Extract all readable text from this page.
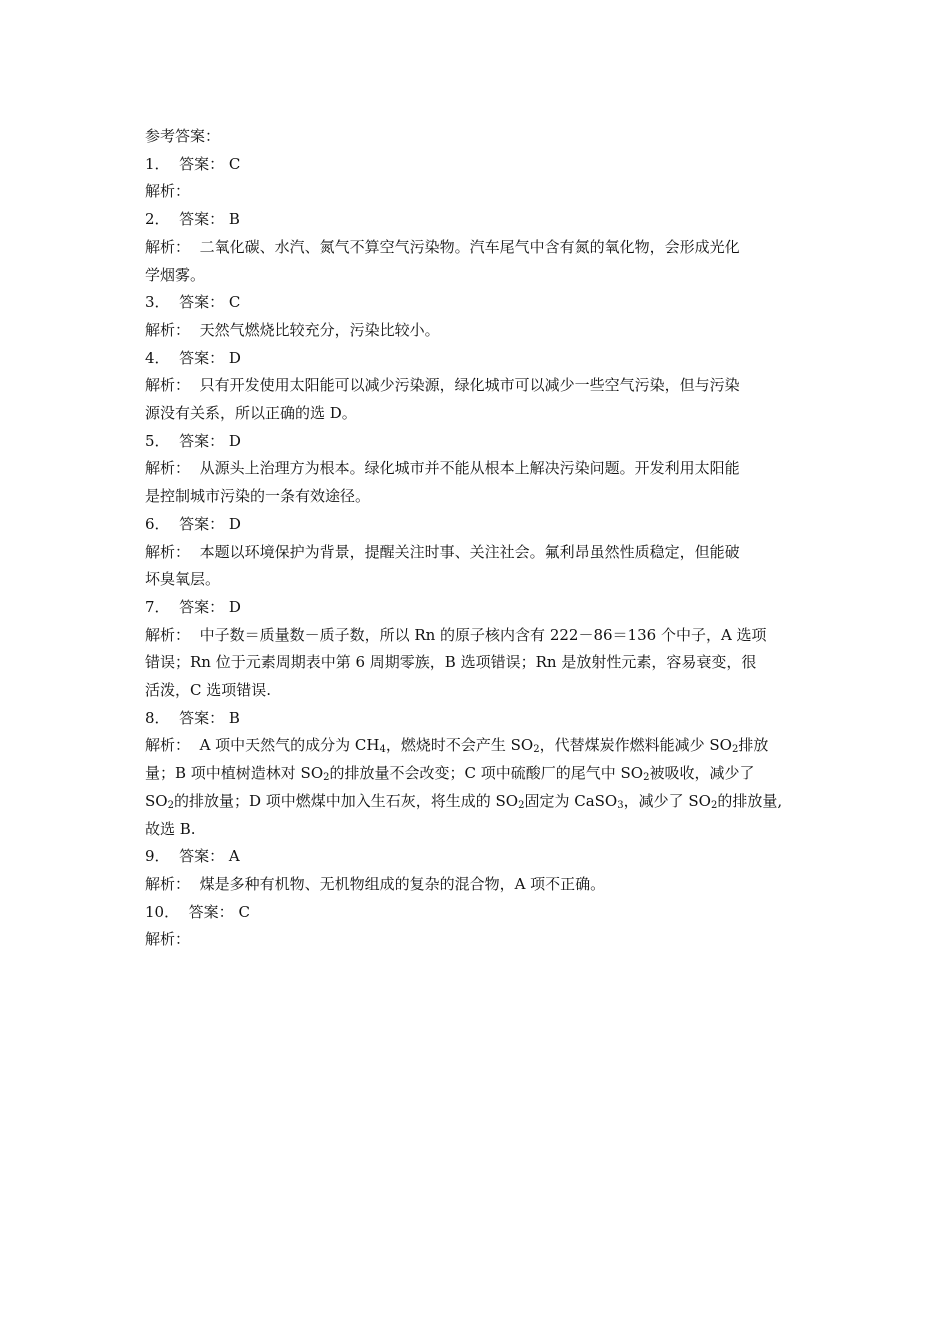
参考答案：

1． 答案： C

解析：

2． 答案： B

解析： 二氧化碳、水汽、氮气不算空气污染物。汽车尾气中含有氮的氧化物，会形成光化

学烟雾。

3． 答案： C

解析： 天然气燃烧比较充分，污染比较小。

4． 答案： D

解析： 只有开发使用太阳能可以减少污染源，绿化城市可以减少一些空气污染，但与污染

源没有关系，所以正确的选 D。

5． 答案： D

解析： 从源头上治理方为根本。绿化城市并不能从根本上解决污染问题。开发利用太阳能

是控制城市污染的一条有效途径。

6． 答案： D

解析： 本题以环境保护为背景，提醒关注时事、关注社会。氟利昂虽然性质稳定，但能破

坏臭氧层。

7． 答案： D

解析： 中子数＝质量数－质子数，所以 Rn 的原子核内含有 222－86＝136 个中子，A 选项

错误；Rn 位于元素周期表中第 6 周期零族，B 选项错误；Rn 是放射性元素，容易衰变，很

活泼，C 选项错误.

8． 答案： B

解析： A 项中天然气的成分为 $CH_4$，燃烧时不会产生 $SO_2$，代替煤炭作燃料能减少 $SO_2$排放

量；B 项中植树造林对 $SO_2$的排放量不会改变；C 项中硫酸厂的尾气中 $SO_2$被吸收，减少了

$SO_2$的排放量；D 项中燃煤中加入生石灰，将生成的 $SO_2$固定为 CaSO$_3$，减少了 $SO_2$的排放量,

故选 B.

9． 答案： A

解析： 煤是多种有机物、无机物组成的复杂的混合物，A 项不正确。

10． 答案： C

解析：
